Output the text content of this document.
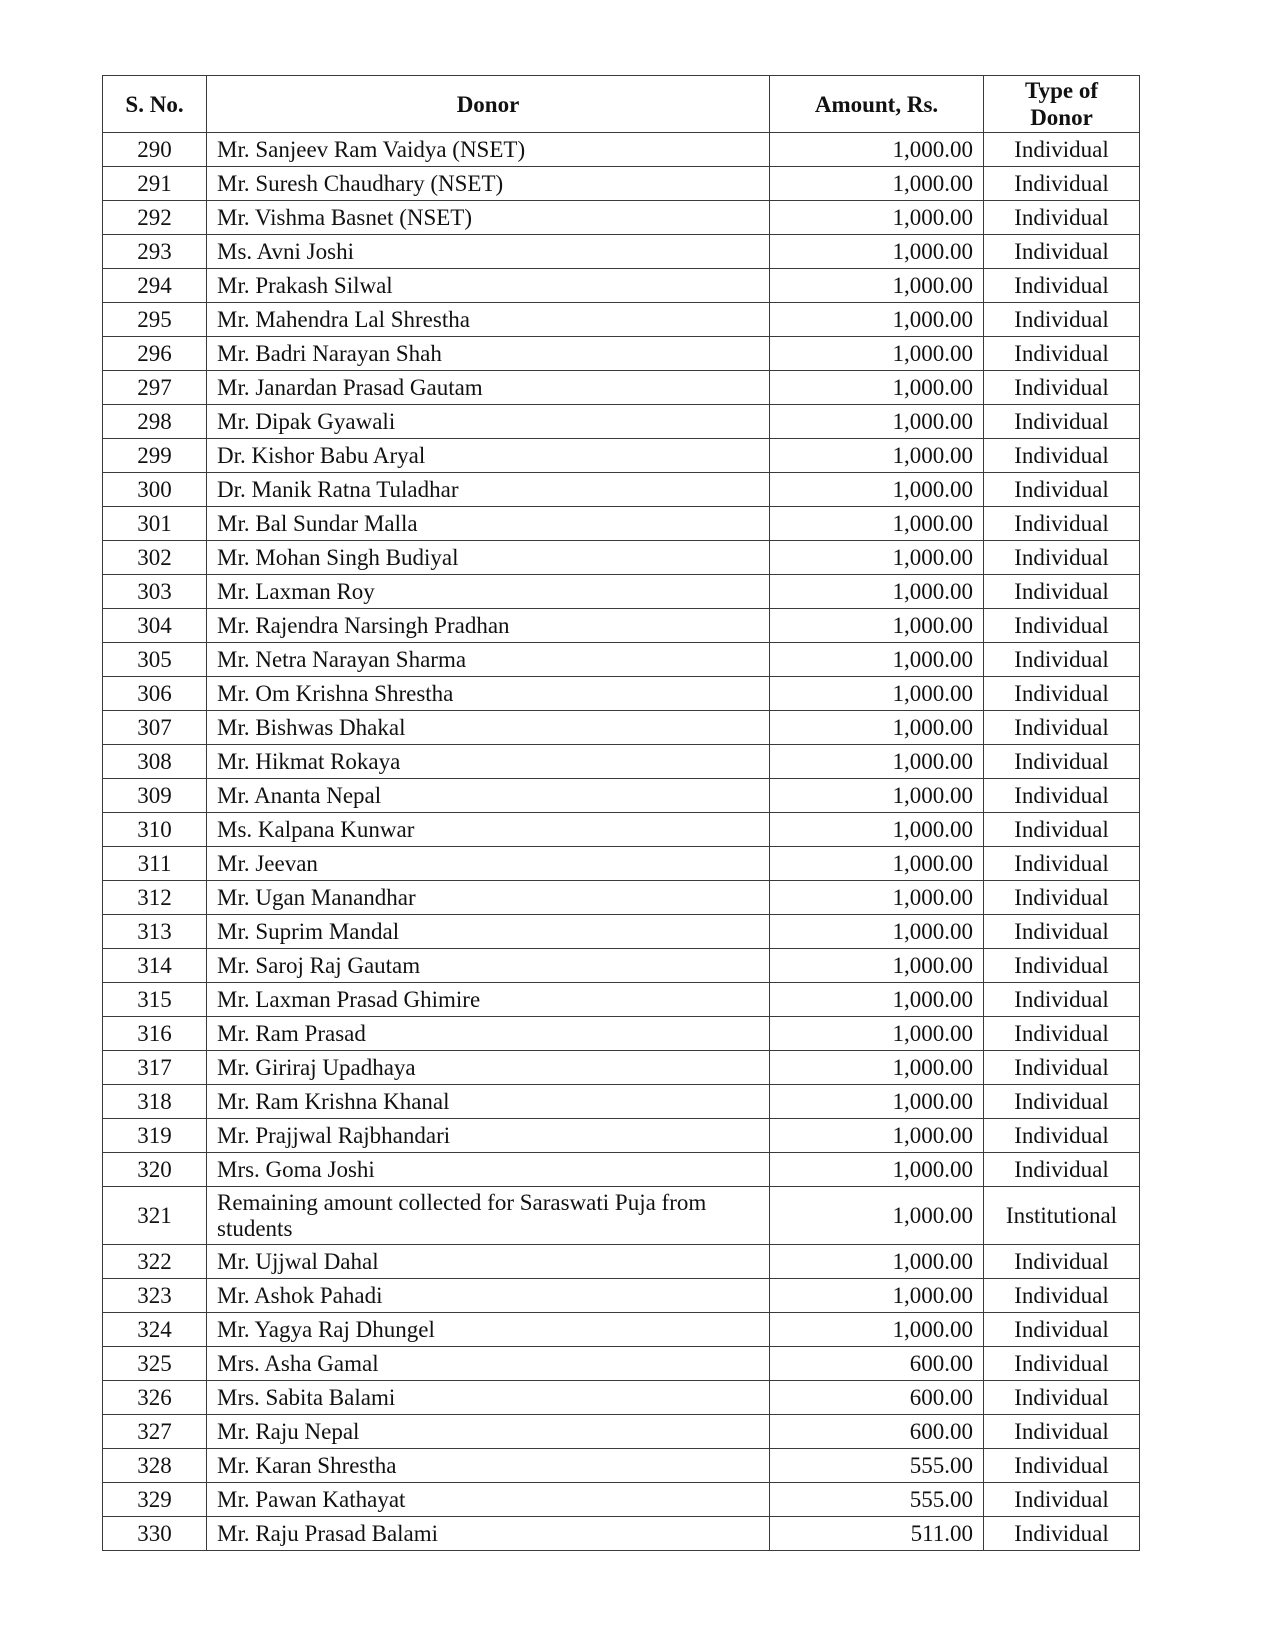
S. No.	Donor	Amount, Rs.	Type of
Donor
290	Mr. Sanjeev Ram Vaidya (NSET)	1,000.00	Individual
291	Mr. Suresh Chaudhary (NSET)	1,000.00	Individual
292	Mr. Vishma Basnet (NSET)	1,000.00	Individual
293	Ms. Avni Joshi	1,000.00	Individual
294	Mr. Prakash Silwal	1,000.00	Individual
295	Mr. Mahendra Lal Shrestha	1,000.00	Individual
296	Mr. Badri Narayan Shah	1,000.00	Individual
297	Mr. Janardan Prasad Gautam	1,000.00	Individual
298	Mr. Dipak Gyawali	1,000.00	Individual
299	Dr. Kishor Babu Aryal	1,000.00	Individual
300	Dr. Manik Ratna Tuladhar	1,000.00	Individual
301	Mr. Bal Sundar Malla	1,000.00	Individual
302	Mr. Mohan Singh Budiyal	1,000.00	Individual
303	Mr. Laxman Roy	1,000.00	Individual
304	Mr. Rajendra Narsingh Pradhan	1,000.00	Individual
305	Mr. Netra Narayan Sharma	1,000.00	Individual
306	Mr. Om Krishna Shrestha	1,000.00	Individual
307	Mr. Bishwas Dhakal	1,000.00	Individual
308	Mr. Hikmat Rokaya	1,000.00	Individual
309	Mr. Ananta Nepal	1,000.00	Individual
310	Ms. Kalpana Kunwar	1,000.00	Individual
311	Mr. Jeevan	1,000.00	Individual
312	Mr. Ugan Manandhar	1,000.00	Individual
313	Mr. Suprim Mandal	1,000.00	Individual
314	Mr. Saroj Raj Gautam	1,000.00	Individual
315	Mr. Laxman Prasad Ghimire	1,000.00	Individual
316	Mr. Ram Prasad	1,000.00	Individual
317	Mr. Giriraj Upadhaya	1,000.00	Individual
318	Mr. Ram Krishna Khanal	1,000.00	Individual
319	Mr. Prajjwal Rajbhandari	1,000.00	Individual
320	Mrs. Goma Joshi	1,000.00	Individual
321	Remaining amount collected for Saraswati Puja from students	1,000.00	Institutional
322	Mr. Ujjwal Dahal	1,000.00	Individual
323	Mr. Ashok Pahadi	1,000.00	Individual
324	Mr. Yagya Raj Dhungel	1,000.00	Individual
325	Mrs. Asha Gamal	600.00	Individual
326	Mrs. Sabita Balami	600.00	Individual
327	Mr. Raju Nepal	600.00	Individual
328	Mr. Karan Shrestha	555.00	Individual
329	Mr. Pawan Kathayat	555.00	Individual
330	Mr. Raju Prasad Balami	511.00	Individual
